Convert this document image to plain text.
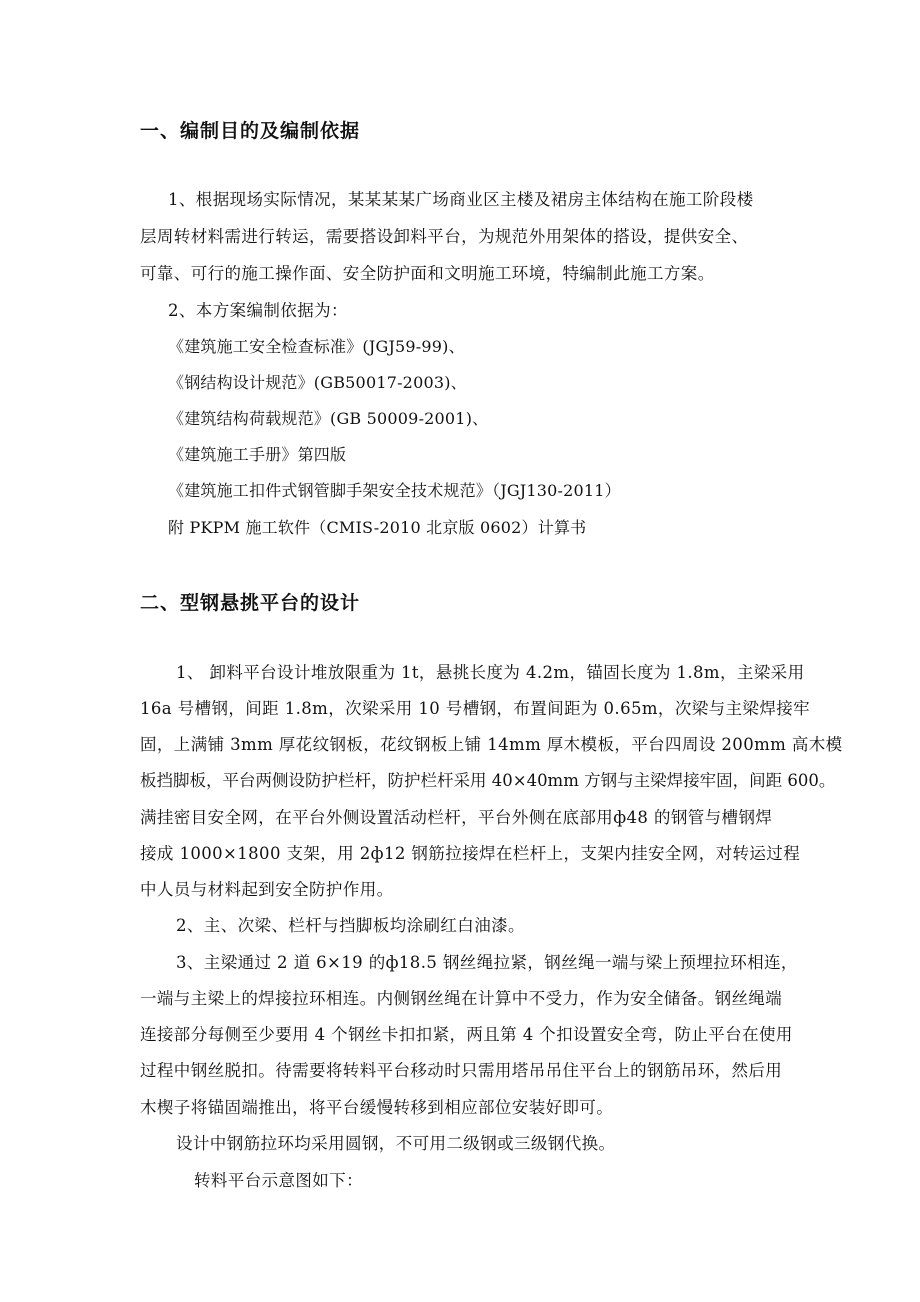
一、编制目的及编制依据
1、根据现场实际情况，某某某某广场商业区主楼及裙房主体结构在施工阶段楼
层周转材料需进行转运，需要搭设卸料平台，为规范外用架体的搭设，提供安全、
可靠、可行的施工操作面、安全防护面和文明施工环境，特编制此施工方案。
2、本方案编制依据为：
《建筑施工安全检查标准》(JGJ59-99)、
《钢结构设计规范》(GB50017-2003)、
《建筑结构荷载规范》(GB 50009-2001)、
《建筑施工手册》第四版
《建筑施工扣件式钢管脚手架安全技术规范》（JGJ130-2011）
附 PKPM 施工软件（CMIS-2010 北京版 0602）计算书
二、型钢悬挑平台的设计
1、 卸料平台设计堆放限重为 1t，悬挑长度为 4.2m，锚固长度为 1.8m，主梁采用
16a 号槽钢，间距 1.8m，次梁采用 10 号槽钢，布置间距为 0.65m，次梁与主梁焊接牢
固，上满铺 3mm 厚花纹钢板，花纹钢板上铺 14mm 厚木模板，平台四周设 200mm 高木模
板挡脚板，平台两侧设防护栏杆，防护栏杆采用 40×40mm 方钢与主梁焊接牢固，间距 600。
满挂密目安全网，在平台外侧设置活动栏杆，平台外侧在底部用ф48 的钢管与槽钢焊
接成 1000×1800 支架，用 2ф12 钢筋拉接焊在栏杆上，支架内挂安全网，对转运过程
中人员与材料起到安全防护作用。
2、主、次梁、栏杆与挡脚板均涂刷红白油漆。
3、主梁通过 2 道 6×19 的ф18.5 钢丝绳拉紧，钢丝绳一端与梁上预埋拉环相连，
一端与主梁上的焊接拉环相连。内侧钢丝绳在计算中不受力，作为安全储备。钢丝绳端
连接部分每侧至少要用 4 个钢丝卡扣扣紧，两且第 4 个扣设置安全弯，防止平台在使用
过程中钢丝脱扣。待需要将转料平台移动时只需用塔吊吊住平台上的钢筋吊环，然后用
木楔子将锚固端推出，将平台缓慢转移到相应部位安装好即可。
设计中钢筋拉环均采用圆钢，不可用二级钢或三级钢代换。
转料平台示意图如下：
